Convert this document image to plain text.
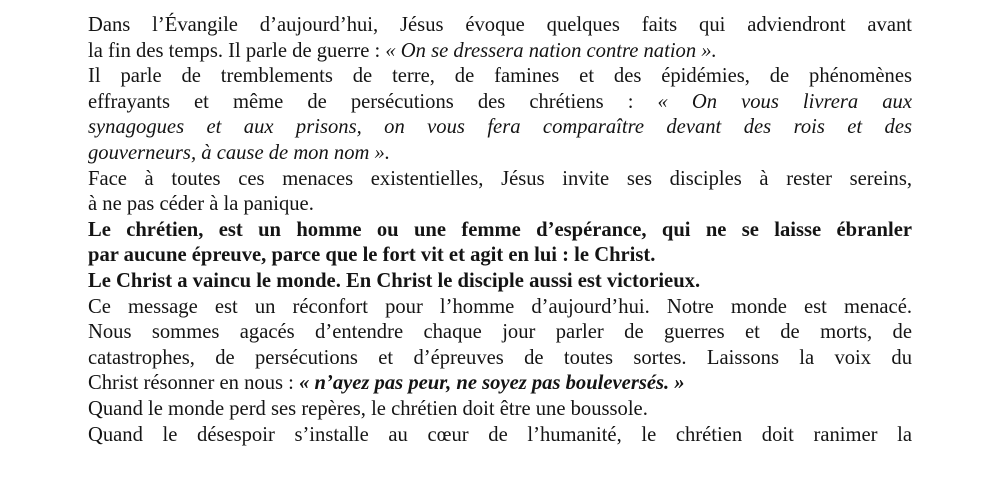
Dans l’Évangile d’aujourd’hui, Jésus évoque quelques faits qui adviendront avant
la fin des temps. Il parle de guerre : « On se dressera nation contre nation ».
Il parle de tremblements de terre, de famines et des épidémies, de phénomènes
effrayants et même de persécutions des chrétiens : « On vous livrera aux
synagogues et aux prisons, on vous fera comparaître devant des rois et des
gouverneurs, à cause de mon nom ».
Face à toutes ces menaces existentielles, Jésus invite ses disciples à rester sereins,
à ne pas céder à la panique.
Le chrétien, est un homme ou une femme d’espérance, qui ne se laisse ébranler
par aucune épreuve, parce que le fort vit et agit en lui : le Christ.
Le Christ a vaincu le monde. En Christ le disciple aussi est victorieux.
Ce message est un réconfort pour l’homme d’aujourd’hui. Notre monde est menacé.
Nous sommes agacés d’entendre chaque jour parler de guerres et de morts, de
catastrophes, de persécutions et d’épreuves de toutes sortes. Laissons la voix du
Christ résonner en nous : « n’ayez pas peur, ne soyez pas bouleversés. »
Quand le monde perd ses repères, le chrétien doit être une boussole.
Quand le désespoir s’installe au cœur de l’humanité, le chrétien doit ranimer la
